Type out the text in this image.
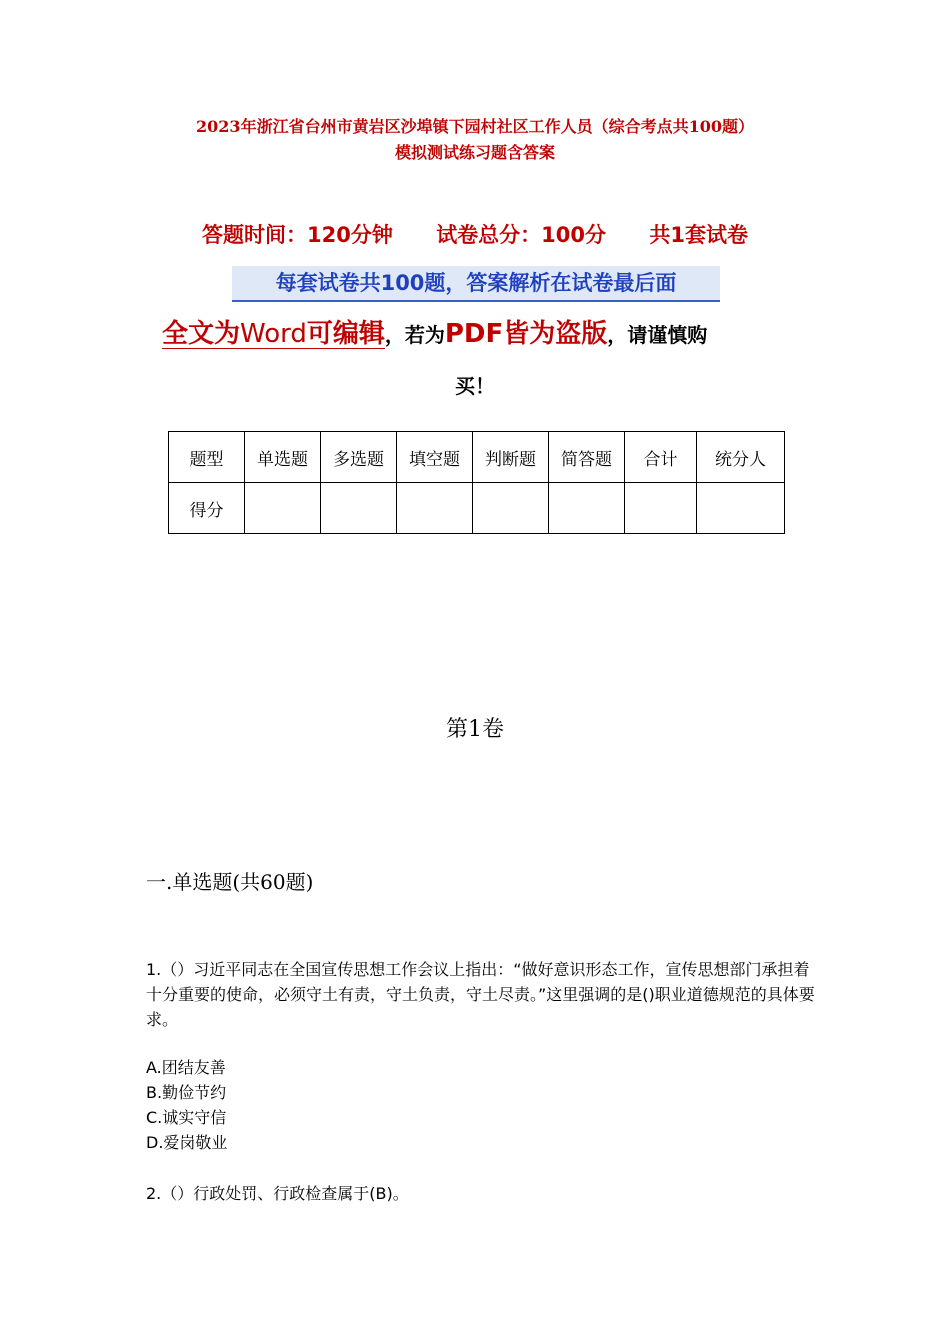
2023年浙江省台州市黄岩区沙埠镇下园村社区工作人员（综合考点共100题）
模拟测试练习题含答案
答题时间：120分钟 试卷总分：100分 共1套试卷
每套试卷共100题，答案解析在试卷最后面
全文为Word可编辑，若为PDF皆为盗版，请谨慎购
买！
题型	单选题	多选题	填空题	判断题	简答题	合计	统分人
得分							
第1卷
一.单选题(共60题)
1.（）习近平同志在全国宣传思想工作会议上指出：“做好意识形态工作，宣传思想部门承担着十分重要的使命，必须守土有责，守土负责，守土尽责。”这里强调的是()职业道德规范的具体要求。
A.团结友善
B.勤俭节约
C.诚实守信
D.爱岗敬业
2.（）行政处罚、行政检查属于(B)。
